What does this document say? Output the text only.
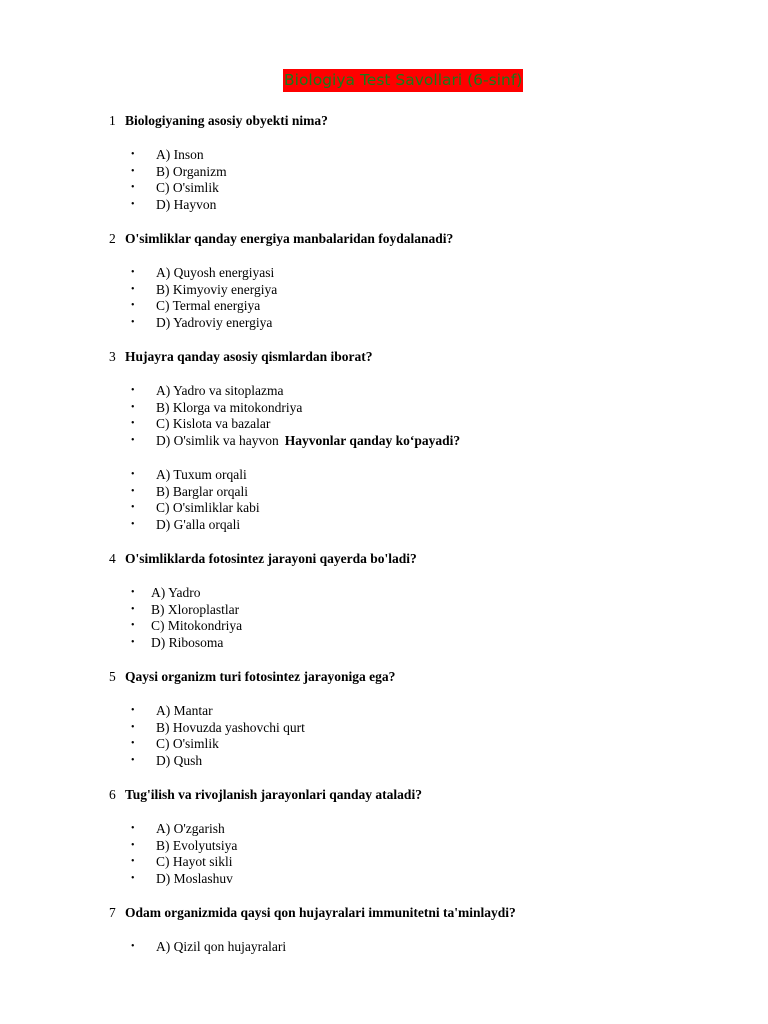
Biologiya Test Savollari (6-sinf)
1 Biologiyaning asosiy obyekti nima?
• A) Inson
• B) Organizm
• C) O'simlik
• D) Hayvon
2 O'simliklar qanday energiya manbalaridan foydalanadi?
• A) Quyosh energiyasi
• B) Kimyoviy energiya
• C) Termal energiya
• D) Yadroviy energiya
3 Hujayra qanday asosiy qismlardan iborat?
• A) Yadro va sitoplazma
• B) Klorga va mitokondriya
• C) Kislota va bazalar
• D) O'simlik va hayvon Hayvonlar qanday ko‘payadi?
• A) Tuxum orqali
• B) Barglar orqali
• C) O'simliklar kabi
• D) G'alla orqali
4 O'simliklarda fotosintez jarayoni qayerda bo'ladi?
• A) Yadro
• B) Xloroplastlar
• C) Mitokondriya
• D) Ribosoma
5 Qaysi organizm turi fotosintez jarayoniga ega?
• A) Mantar
• B) Hovuzda yashovchi qurt
• C) O'simlik
• D) Qush
6 Tug'ilish va rivojlanish jarayonlari qanday ataladi?
• A) O'zgarish
• B) Evolyutsiya
• C) Hayot sikli
• D) Moslashuv
7 Odam organizmida qaysi qon hujayralari immunitetni ta'minlaydi?
• A) Qizil qon hujayralari
